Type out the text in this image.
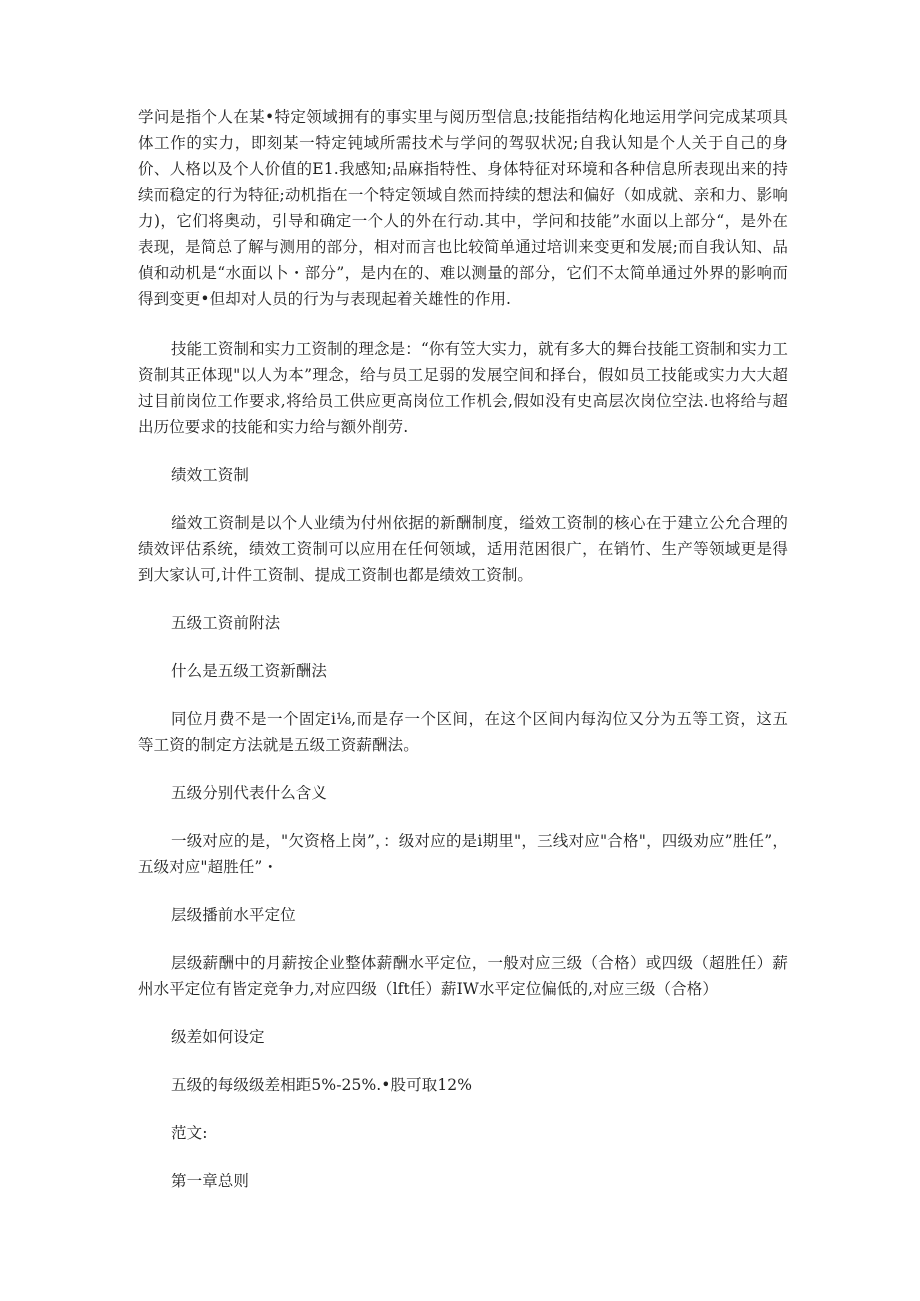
学问是指个人在某•特定领域拥有的事实里与阅历型信息;技能指结构化地运用学问完成某项具体工作的实力，即刻某一特定钝域所需技术与学问的驾驭状况;自我认知是个人关于自己的身价、人格以及个人价值的E1.我感知;品麻指特性、身体特征对环境和各种信息所表现出来的持续而稳定的行为特征;动机指在一个特定领域自然而持续的想法和偏好（如成就、亲和力、影响力)，它们将奥动，引导和确定一个人的外在行动.其中，学问和技能”水面以上部分“，是外在表现，是简总了解与测用的部分，相对而言也比较简单通过培训来变更和发展;而自我认知、品偵和动机是“水面以卜・部分”，是内在的、难以测量的部分，它们不太简单通过外界的影响而得到变更•但却对人员的行为与表现起着关雄性的作用.

技能工资制和实力工资制的理念是：“你有笠大实力，就有多大的舞台技能工资制和实力工资制其正体现"以人为本”理念，给与员工足弱的发展空间和择台，假如员工技能或实力大大超过目前岗位工作要求,将给员工供应更高岗位工作机会,假如没有史高层次岗位空法.也将给与超出历位要求的技能和实力给与额外削劳.

绩效工资制

缢效工资制是以个人业绩为付州依据的新酬制度，缢效工资制的核心在于建立公允合理的绩效评估系统，绩效工资制可以应用在任何领域，适用范困很广，在销竹、生产等领域更是得到大家认可,计件工资制、提成工资制也都是绩效工资制。

五级工资前附法

什么是五级工资新酬法

同位月费不是一个固定i⅛,而是存一个区间，在这个区间内每沟位又分为五等工资，这五等工资的制定方法就是五级工资薪酬法。

五级分别代表什么含义

一级对应的是，"欠资格上岗”，：级对应的是ⅰ期里"，三线对应"合格"，四级劝应”胜任”，五级对应"超胜任”・

层级播前水平定位

层级薪酬中的月薪按企业整体薪酬水平定位，一般对应三级（合格）或四级（超胜任）薪州水平定位有皆定竞争力,对应四级（lft任）薪IW水平定位偏低的,对应三级（合格）

级差如何设定

五级的每级级差相距5%-25%.•股可取12%

范文:

第一章总则
